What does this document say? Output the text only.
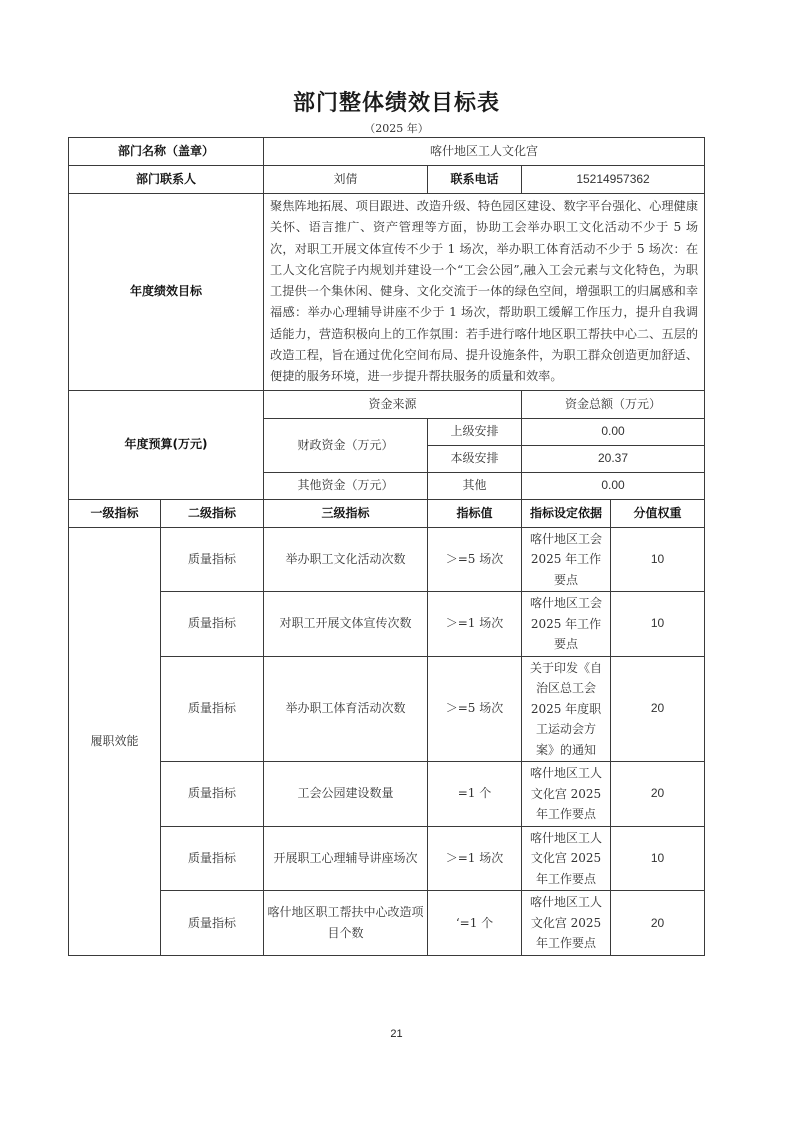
部门整体绩效目标表
（2025 年）
部门名称（盖章）		喀什地区工人文化宫			
部门联系人		刘倩	联系电话	15214957362	
年度绩效目标		聚焦阵地拓展、项目跟进、改造升级、特色园区建设、数字平台强化、心理健康关怀、语言推广、资产管理等方面，协助工会举办职工文化活动不少于 5 场次，对职工开展文体宣传不少于 1 场次，举办职工体育活动不少于 5 场次：在工人文化宫院子内规划并建设一个“工会公园”,融入工会元素与文化特色，为职工提供一个集休闲、健身、文化交流于一体的绿色空间，增强职工的归属感和幸福感：举办心理辅导讲座不少于 1 场次，帮助职工缓解工作压力，提升自我调适能力，营造积极向上的工作氛围：若手进行喀什地区职工帮扶中心二、五层的改造工程，旨在通过优化空间布局、提升设施条件，为职工群众创造更加舒适、便捷的服务环境，进一步提升帮扶服务的质量和效率。			
年度预算(万元)		资金来源		资金总额（万元）	
		财政资金（万元）	上级安排	0.00	
			本级安排	20.37	
		其他资金（万元）	其他	0.00	
一级指标	二级指标	三级指标	指标值	指标设定依据	分值权重
履职效能	质量指标	举办职工文化活动次数	＞=5 场次	喀什地区工会 2025 年工作要点	10
	质量指标	对职工开展文体宣传次数	＞=1 场次	喀什地区工会 2025 年工作要点	10
	质量指标	举办职工体育活动次数	＞=5 场次	关于印发《自治区总工会 2025 年度职工运动会方案》的通知	20
	质量指标	工会公园建设数量	=1 个	喀什地区工人文化宫 2025 年工作要点	20
	质量指标	开展职工心理辅导讲座场次	＞=1 场次	喀什地区工人文化宫 2025 年工作要点	10
	质量指标	喀什地区职工帮扶中心改造项目个数	‘=1 个	喀什地区工人文化宫 2025 年工作要点	20
21
